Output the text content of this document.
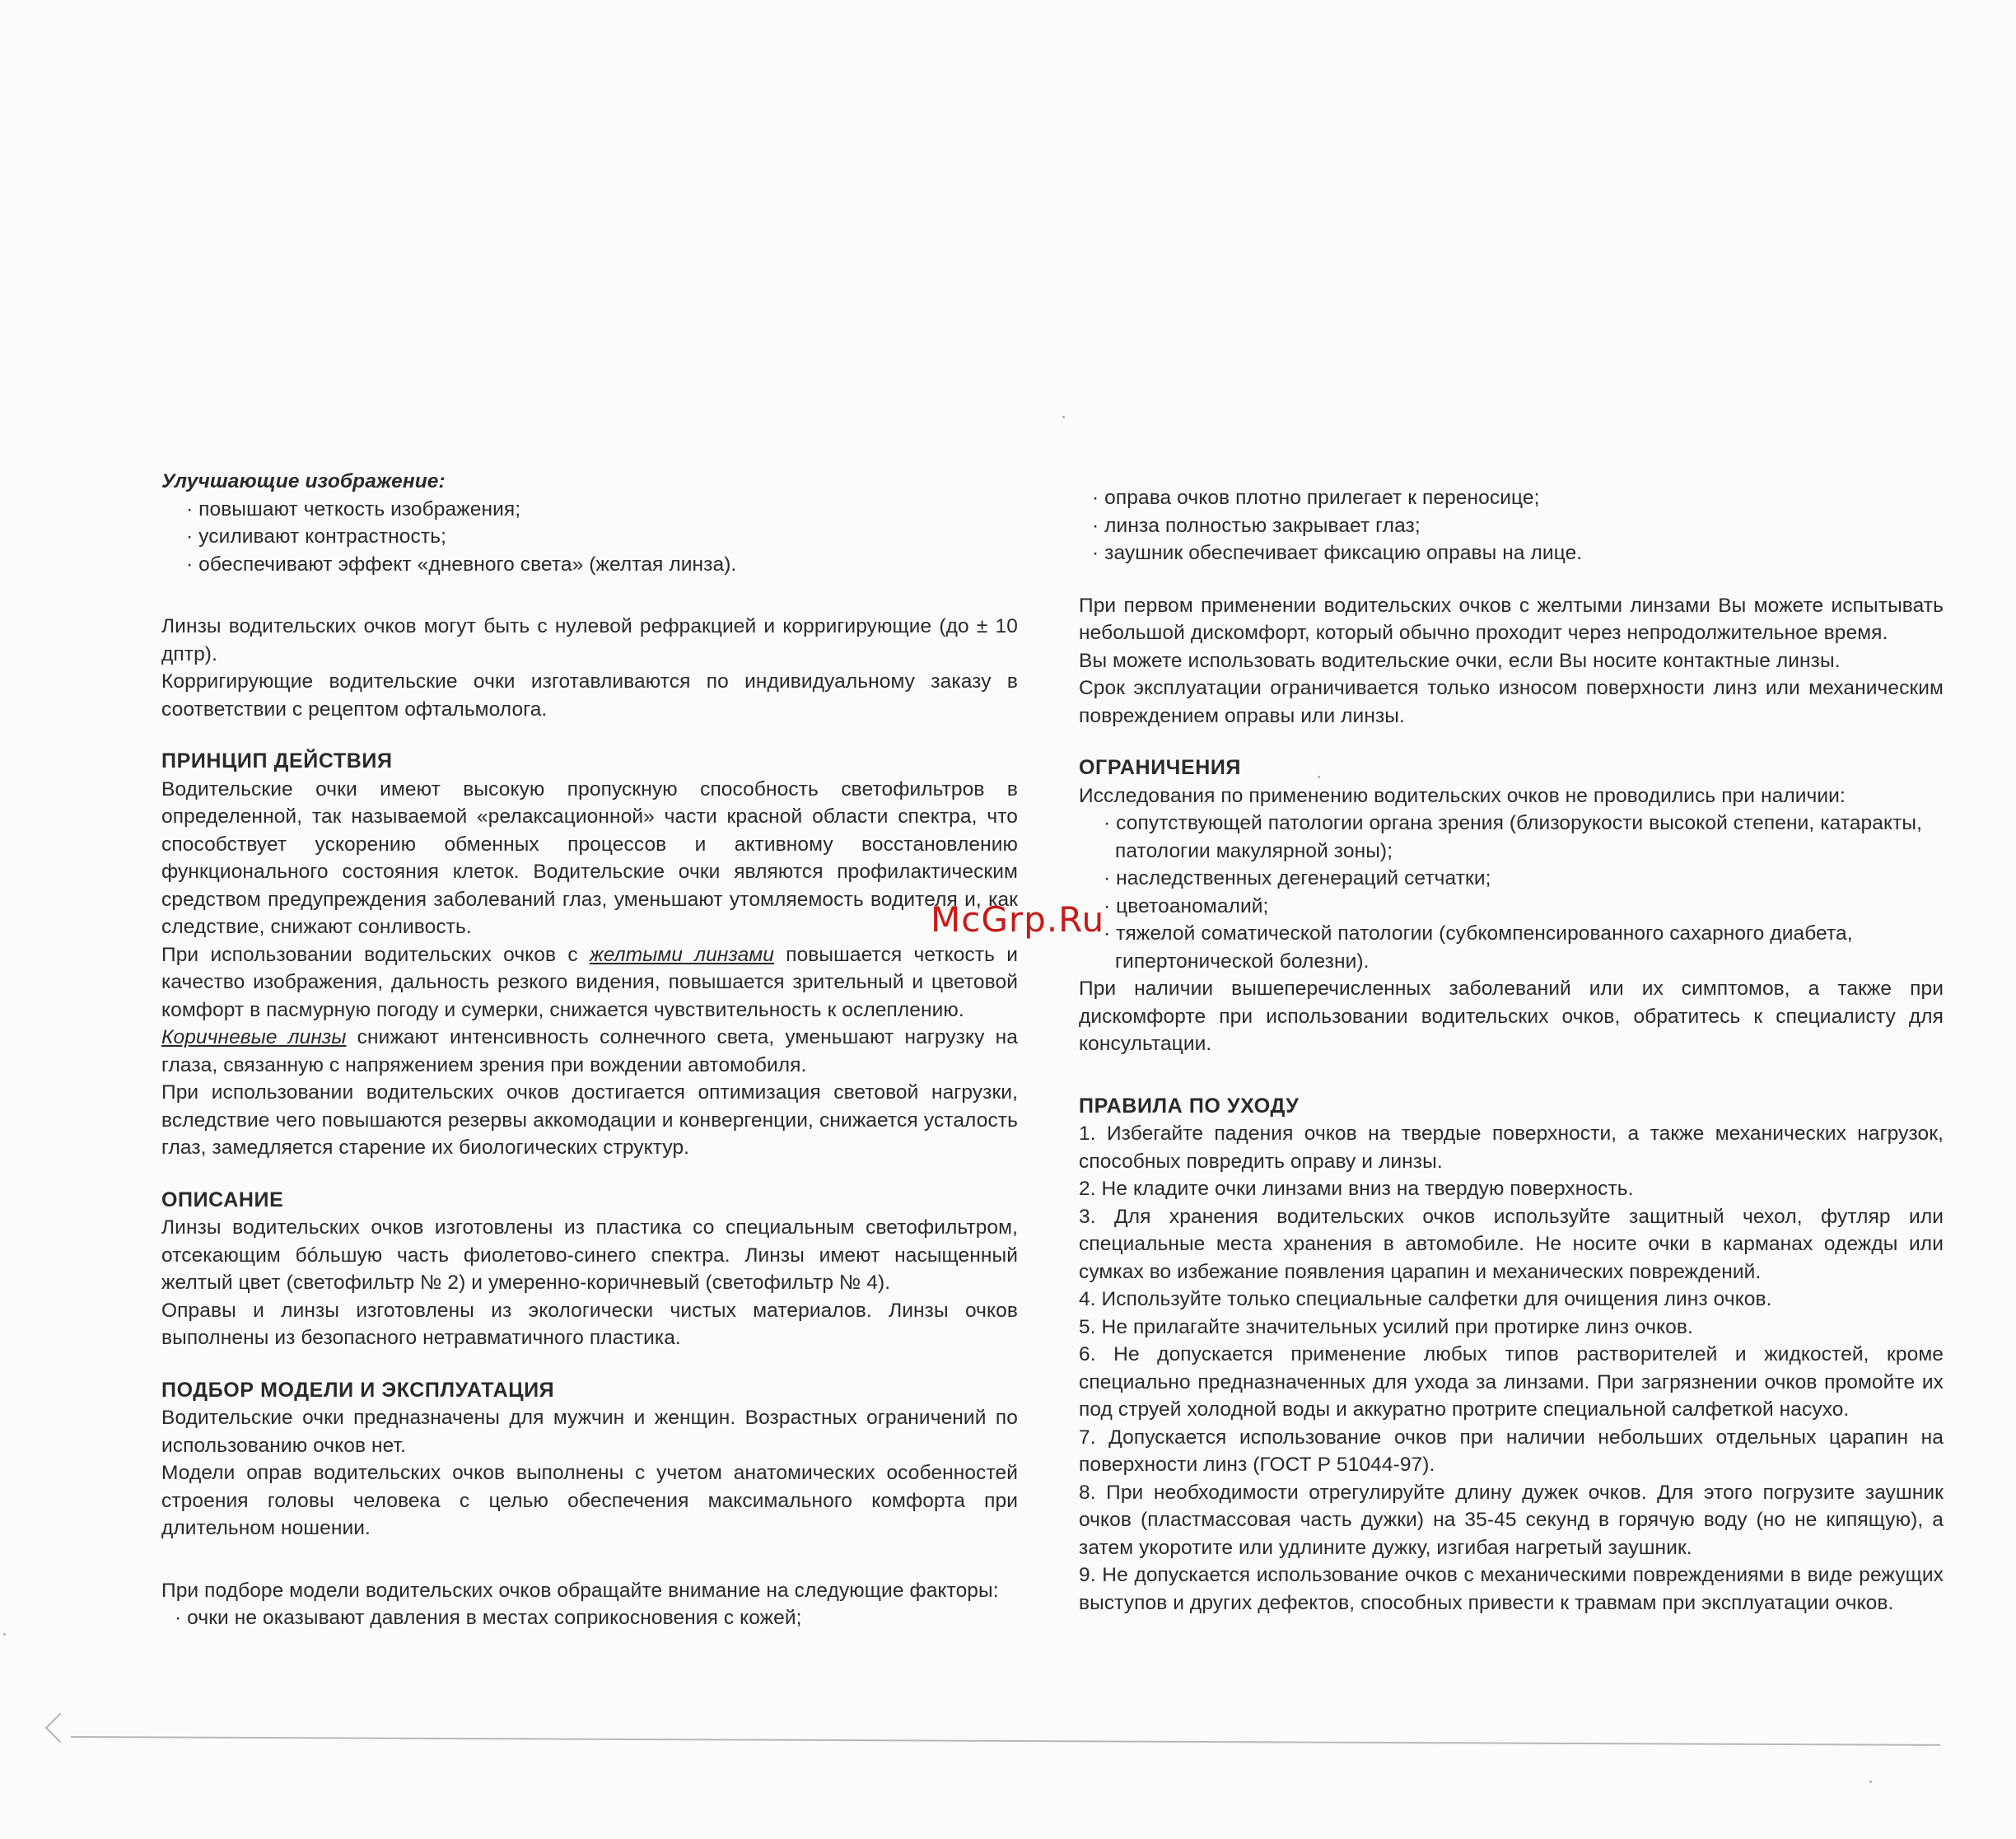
Улучшающие изображение:

· повышают четкость изображения;
· усиливают контрастность;
· обеспечивают эффект «дневного света» (желтая линза).

Линзы водительских очков могут быть с нулевой рефракцией и корригирующие (до ± 10 дптр).

Корригирующие водительские очки изготавливаются по индивидуальному заказу в соответствии с рецептом офтальмолога.

ПРИНЦИП ДЕЙСТВИЯ

Водительские очки имеют высокую пропускную способность светофильтров в определенной, так называемой «релаксационной» части красной области спектра, что способствует ускорению обменных процессов и активному восстановлению функционального состояния клеток. Водительские очки являются профилактическим средством предупреждения заболеваний глаз, уменьшают утомляемость водителя и, как следствие, снижают сонливость.

При использовании водительских очков с желтыми линзами повышается четкость и качество изображения, дальность резкого видения, повышается зрительный и цветовой комфорт в пасмурную погоду и сумерки, снижается чувствительность к ослеплению.

Коричневые линзы снижают интенсивность солнечного света, уменьшают нагрузку на глаза, связанную с напряжением зрения при вождении автомобиля.

При использовании водительских очков достигается оптимизация световой нагрузки, вследствие чего повышаются резервы аккомодации и конвергенции, снижается усталость глаз, замедляется старение их биологических структур.

ОПИСАНИЕ

Линзы водительских очков изготовлены из пластика со специальным светофильтром, отсекающим бóльшую часть фиолетово-синего спектра. Линзы имеют насыщенный желтый цвет (светофильтр № 2) и умеренно-коричневый (светофильтр № 4).

Оправы и линзы изготовлены из экологически чистых материалов. Линзы очков выполнены из безопасного нетравматичного пластика.

ПОДБОР МОДЕЛИ И ЭКСПЛУАТАЦИЯ

Водительские очки предназначены для мужчин и женщин. Возрастных ограничений по использованию очков нет.

Модели оправ водительских очков выполнены с учетом анатомических особенностей строения головы человека с целью обеспечения максимального комфорта при длительном ношении.

При подборе модели водительских очков обращайте внимание на следующие факторы:

· очки не оказывают давления в местах соприкосновения с кожей;
· оправа очков плотно прилегает к переносице;
· линза полностью закрывает глаз;
· заушник обеспечивает фиксацию оправы на лице.

При первом применении водительских очков с желтыми линзами Вы можете испытывать небольшой дискомфорт, который обычно проходит через непродолжительное время.

Вы можете использовать водительские очки, если Вы носите контактные линзы.

Срок эксплуатации ограничивается только износом поверхности линз или механическим повреждением оправы или линзы.

ОГРАНИЧЕНИЯ

Исследования по применению водительских очков не проводились при наличии:

· сопутствующей патологии органа зрения (близорукости высокой степени, катаракты, патологии макулярной зоны);
· наследственных дегенераций сетчатки;
· цветоаномалий;
· тяжелой соматической патологии (субкомпенсированного сахарного диабета, гипертонической болезни).

При наличии вышеперечисленных заболеваний или их симптомов, а также при дискомфорте при использовании водительских очков, обратитесь к специалисту для консультации.

ПРАВИЛА ПО УХОДУ

1. Избегайте падения очков на твердые поверхности, а также механических нагрузок, способных повредить оправу и линзы.

2. Не кладите очки линзами вниз на твердую поверхность.

3. Для хранения водительских очков используйте защитный чехол, футляр или специальные места хранения в автомобиле. Не носите очки в карманах одежды или сумках во избежание появления царапин и механических повреждений.

4. Используйте только специальные салфетки для очищения линз очков.

5. Не прилагайте значительных усилий при протирке линз очков.

6. Не допускается применение любых типов растворителей и жидкостей, кроме специально предназначенных для ухода за линзами. При загрязнении очков промойте их под струей холодной воды и аккуратно протрите специальной салфеткой насухо.

7. Допускается использование очков при наличии небольших отдельных царапин на поверхности линз (ГОСТ Р 51044-97).

8. При необходимости отрегулируйте длину дужек очков. Для этого погрузите заушник очков (пластмассовая часть дужки) на 35-45 секунд в горячую воду (но не кипящую), а затем укоротите или удлините дужку, изгибая нагретый заушник.

9. Не допускается использование очков с механическими повреждениями в виде режущих выступов и других дефектов, способных привести к травмам при эксплуатации очков.

McGrp.Ru
